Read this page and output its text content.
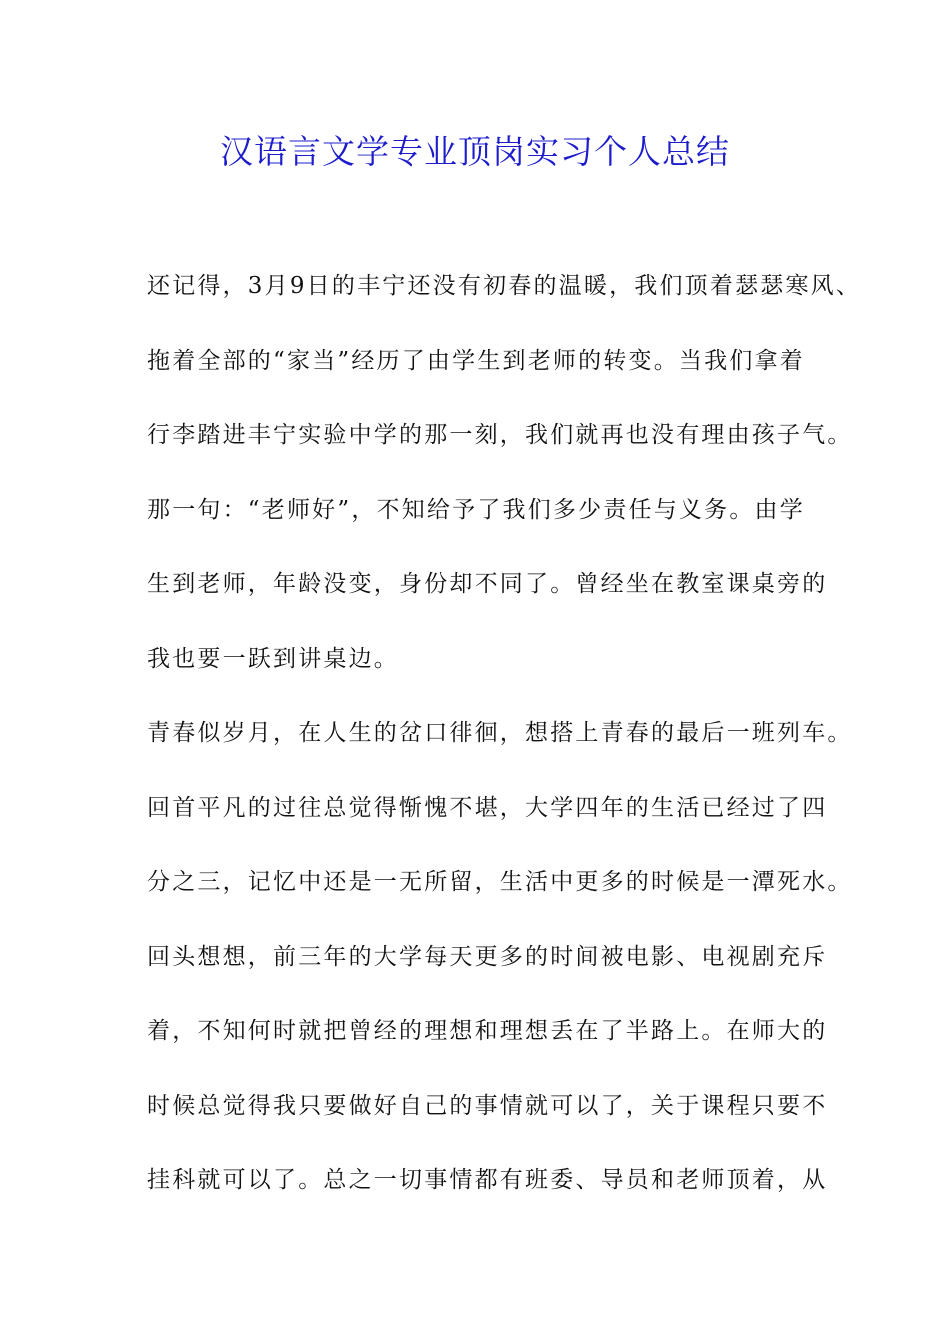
汉语言文学专业顶岗实习个人总结
还记得，3月9日的丰宁还没有初春的温暖，我们顶着瑟瑟寒风、
拖着全部的“家当”经历了由学生到老师的转变。当我们拿着
行李踏进丰宁实验中学的那一刻，我们就再也没有理由孩子气。
那一句：“老师好”，不知给予了我们多少责任与义务。由学
生到老师，年龄没变，身份却不同了。曾经坐在教室课桌旁的
我也要一跃到讲桌边。
青春似岁月，在人生的岔口徘徊，想搭上青春的最后一班列车。
回首平凡的过往总觉得惭愧不堪，大学四年的生活已经过了四
分之三，记忆中还是一无所留，生活中更多的时候是一潭死水。
回头想想，前三年的大学每天更多的时间被电影、电视剧充斥
着，不知何时就把曾经的理想和理想丢在了半路上。在师大的
时候总觉得我只要做好自己的事情就可以了，关于课程只要不
挂科就可以了。总之一切事情都有班委、导员和老师顶着，从
